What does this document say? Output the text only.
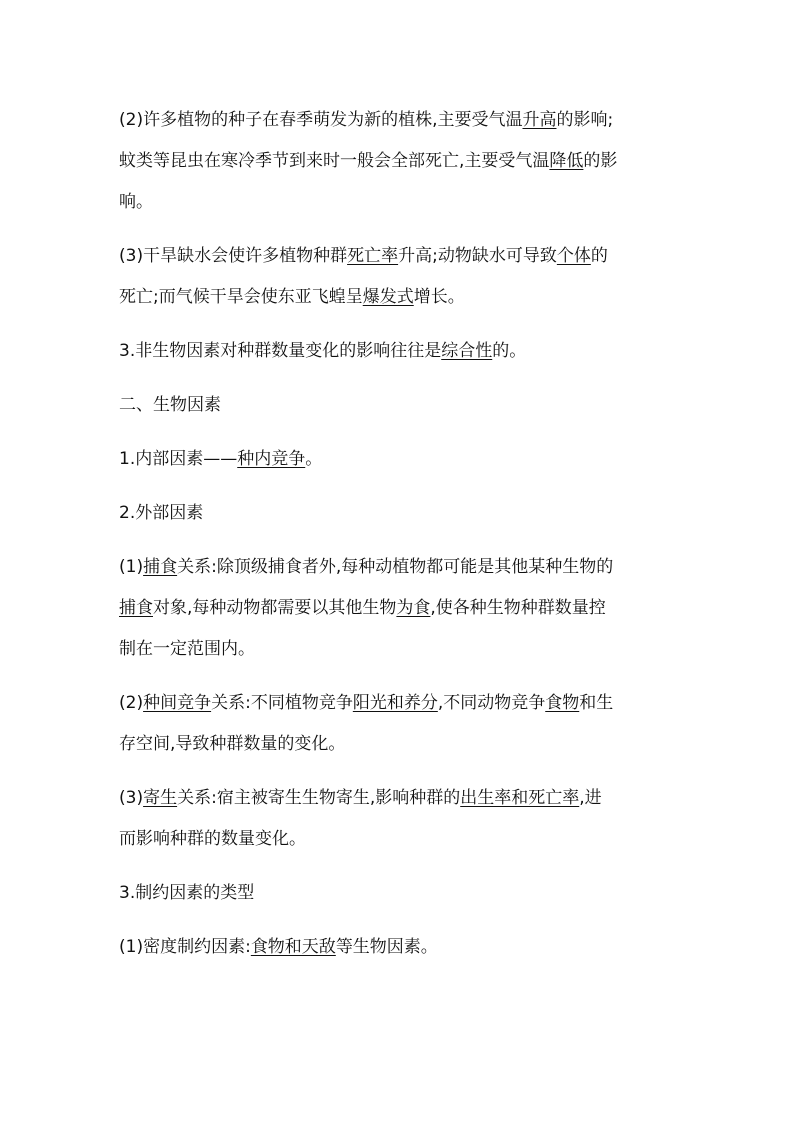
(2)许多植物的种子在春季萌发为新的植株,主要受气温升高的影响;
蚊类等昆虫在寒冷季节到来时一般会全部死亡,主要受气温降低的影
响。

(3)干旱缺水会使许多植物种群死亡率升高;动物缺水可导致个体的
死亡;而气候干旱会使东亚飞蝗呈爆发式增长。

3.非生物因素对种群数量变化的影响往往是综合性的。

二、生物因素

1.内部因素——种内竞争。

2.外部因素

(1)捕食关系:除顶级捕食者外,每种动植物都可能是其他某种生物的
捕食对象,每种动物都需要以其他生物为食,使各种生物种群数量控
制在一定范围内。

(2)种间竞争关系:不同植物竞争阳光和养分,不同动物竞争食物和生
存空间,导致种群数量的变化。

(3)寄生关系:宿主被寄生生物寄生,影响种群的出生率和死亡率,进
而影响种群的数量变化。

3.制约因素的类型

(1)密度制约因素:食物和天敌等生物因素。
